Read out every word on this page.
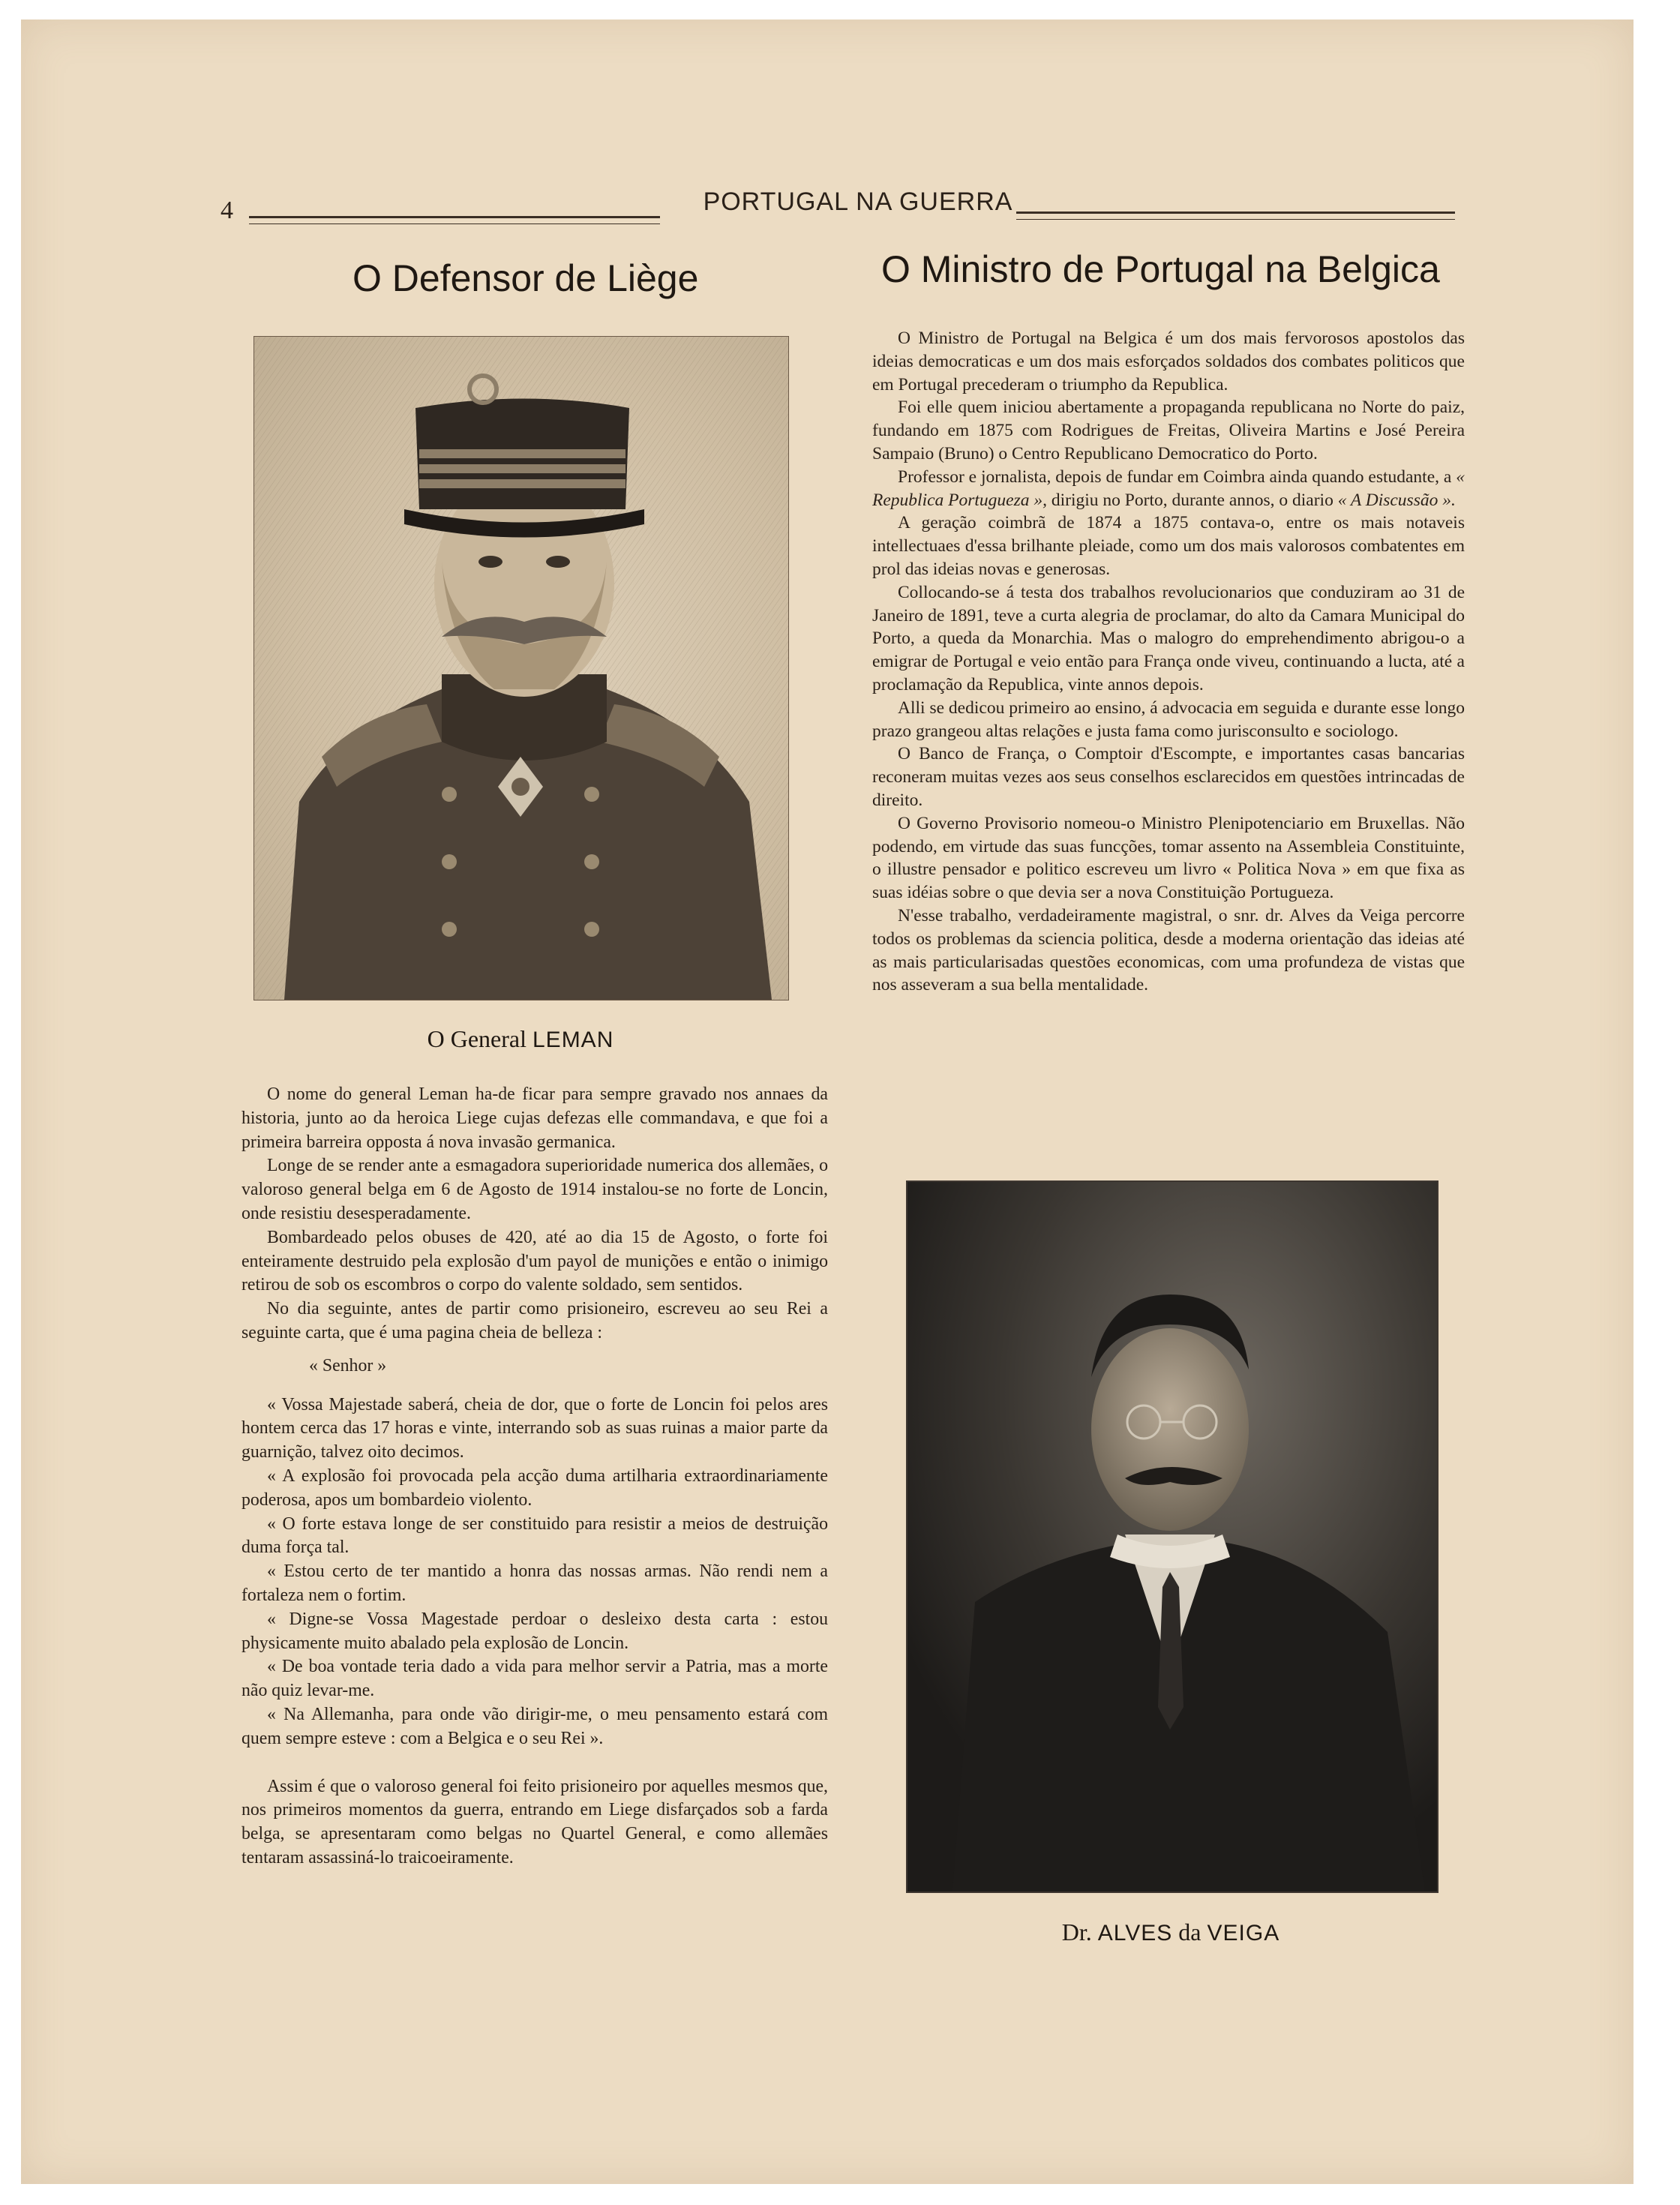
4	PORTUGAL NA GUERRA
O Defensor de Liège	O Ministro de Portugal na Belgica
O General LEMAN

O Ministro de Portugal na Belgica é um dos mais fervorosos apostolos das ideias democraticas e um dos mais esforçados soldados dos combates politicos que em Portugal precederam o triumpho da Republica.

Foi elle quem iniciou abertamente a propaganda republicana no Norte do paiz, fundando em 1875 com Rodrigues de Freitas, Oliveira Martins e José Pereira Sampaio (Bruno) o Centro Republicano Democratico do Porto.

Professor e jornalista, depois de fundar em Coimbra ainda quando estudante, a « Republica Portugueza », dirigiu no Porto, durante annos, o diario « A Discussão ».

A geração coimbrã de 1874 a 1875 contava-o, entre os mais notaveis intellectuaes d'essa brilhante pleiade, como um dos mais valorosos combatentes em prol das ideias novas e generosas.

Collocando-se á testa dos trabalhos revolucionarios que conduziram ao 31 de Janeiro de 1891, teve a curta alegria de proclamar, do alto da Camara Municipal do Porto, a queda da Monarchia. Mas o malogro do emprehendimento abrigou-o a emigrar de Portugal e veio então para França onde viveu, continuando a lucta, até a proclamação da Republica, vinte annos depois.

Alli se dedicou primeiro ao ensino, á advocacia em seguida e durante esse longo prazo grangeou altas relações e justa fama como jurisconsulto e sociologo.

O Banco de França, o Comptoir d'Escompte, e importantes casas bancarias reconeram muitas vezes aos seus conselhos esclarecidos em questões intrincadas de direito.

O Governo Provisorio nomeou-o Ministro Plenipotenciario em Bruxellas. Não podendo, em virtude das suas funcções, tomar assento na Assembleia Constituinte, o illustre pensador e politico escreveu um livro « Politica Nova » em que fixa as suas idéias sobre o que devia ser a nova Constituição Portugueza.

N'esse trabalho, verdadeiramente magistral, o snr. dr. Alves da Veiga percorre todos os problemas da sciencia politica, desde a moderna orientação das ideias até as mais particularisadas questões economicas, com uma profundeza de vistas que nos asseveram a sua bella mentalidade.

Dr. ALVES da VEIGA

O nome do general Leman ha-de ficar para sempre gravado nos annaes da historia, junto ao da heroica Liege cujas defezas elle commandava, e que foi a primeira barreira opposta á nova invasão germanica.

Longe de se render ante a esmagadora superioridade numerica dos allemães, o valoroso general belga em 6 de Agosto de 1914 instalou-se no forte de Loncin, onde resistiu desesperadamente.

Bombardeado pelos obuses de 420, até ao dia 15 de Agosto, o forte foi enteiramente destruido pela explosão d'um payol de munições e então o inimigo retirou de sob os escombros o corpo do valente soldado, sem sentidos.

No dia seguinte, antes de partir como prisioneiro, escreveu ao seu Rei a seguinte carta, que é uma pagina cheia de belleza :

« Senhor »

« Vossa Majestade saberá, cheia de dor, que o forte de Loncin foi pelos ares hontem cerca das 17 horas e vinte, interrando sob as suas ruinas a maior parte da guarnição, talvez oito decimos.

« A explosão foi provocada pela acção duma artilharia extraordinariamente poderosa, apos um bombardeio violento.

« O forte estava longe de ser constituido para resistir a meios de destruição duma força tal.

« Estou certo de ter mantido a honra das nossas armas. Não rendi nem a fortaleza nem o fortim.

« Digne-se Vossa Magestade perdoar o desleixo desta carta : estou physicamente muito abalado pela explosão de Loncin.

« De boa vontade teria dado a vida para melhor servir a Patria, mas a morte não quiz levar-me.

« Na Allemanha, para onde vão dirigir-me, o meu pensamento estará com quem sempre esteve : com a Belgica e o seu Rei ».

Assim é que o valoroso general foi feito prisioneiro por aquelles mesmos que, nos primeiros momentos da guerra, entrando em Liege disfarçados sob a farda belga, se apresentaram como belgas no Quartel General, e como allemães tentaram assassiná-lo traicoeiramente.
